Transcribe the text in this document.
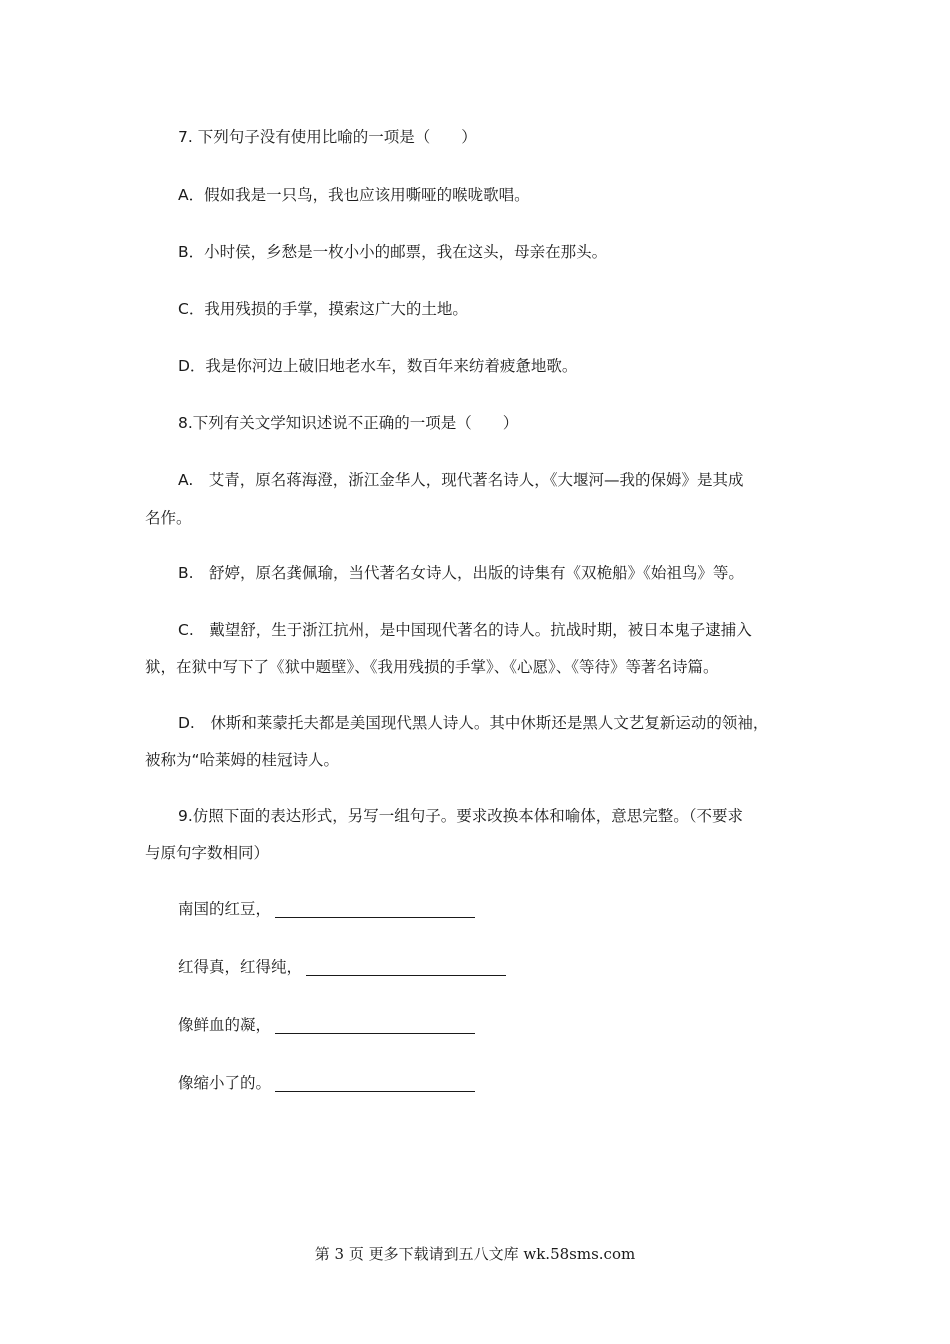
7. 下列句子没有使用比喻的一项是（　　）
A．假如我是一只鸟，我也应该用嘶哑的喉咙歌唱。
B．小时侯，乡愁是一枚小小的邮票，我在这头，母亲在那头。
C．我用残损的手掌，摸索这广大的土地。
D．我是你河边上破旧地老水车，数百年来纺着疲惫地歌。
8.下列有关文学知识述说不正确的一项是（　　）
A.　艾青，原名蒋海澄，浙江金华人，现代著名诗人，《大堰河—我的保姆》是其成
名作。
B.　舒婷，原名龚佩瑜，当代著名女诗人，出版的诗集有《双桅船》《始祖鸟》等。
C.　戴望舒，生于浙江抗州，是中国现代著名的诗人。抗战时期，被日本鬼子逮捕入
狱，在狱中写下了《狱中题壁》、《我用残损的手掌》、《心愿》、《等待》等著名诗篇。
D.　休斯和莱蒙托夫都是美国现代黑人诗人。其中休斯还是黑人文艺复新运动的领袖，
被称为“哈莱姆的桂冠诗人。
9.仿照下面的表达形式，另写一组句子。要求改换本体和喻体，意思完整。（不要求
与原句字数相同）
南国的红豆，
红得真，红得纯，
像鲜血的凝，
像缩小了的。
第 3 页 更多下载请到五八文库 wk.58sms.com
